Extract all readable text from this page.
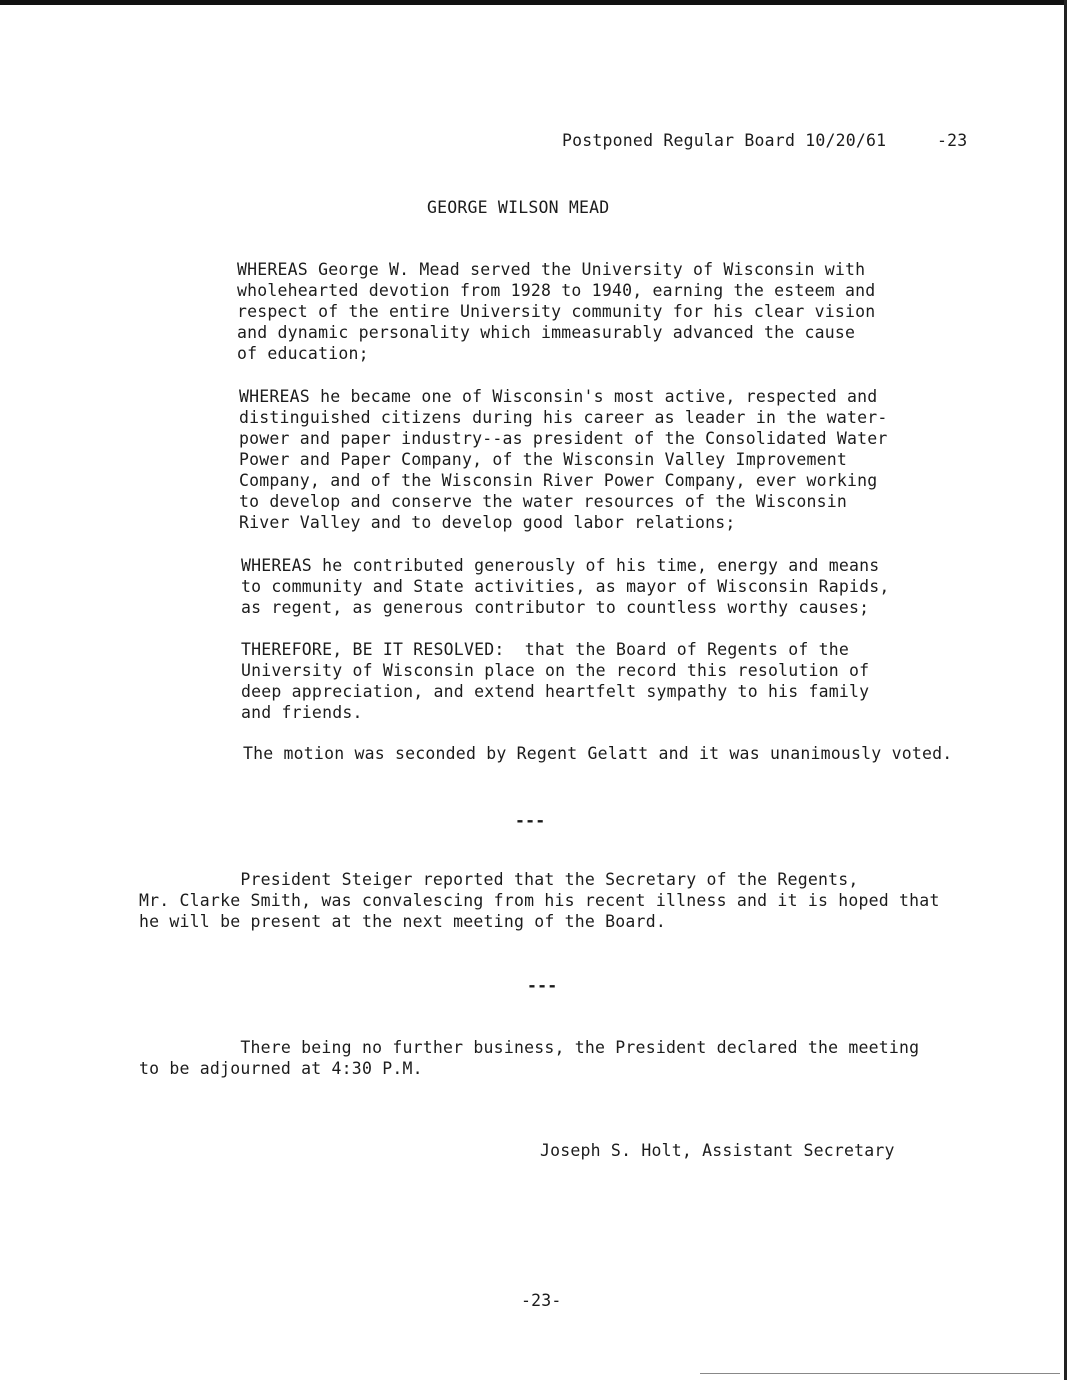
Postponed Regular Board 10/20/61     -23
GEORGE WILSON MEAD
WHEREAS George W. Mead served the University of Wisconsin with
wholehearted devotion from 1928 to 1940, earning the esteem and
respect of the entire University community for his clear vision
and dynamic personality which immeasurably advanced the cause
of education;
WHEREAS he became one of Wisconsin's most active, respected and
distinguished citizens during his career as leader in the water-
power and paper industry--as president of the Consolidated Water
Power and Paper Company, of the Wisconsin Valley Improvement
Company, and of the Wisconsin River Power Company, ever working
to develop and conserve the water resources of the Wisconsin
River Valley and to develop good labor relations;
WHEREAS he contributed generously of his time, energy and means
to community and State activities, as mayor of Wisconsin Rapids,
as regent, as generous contributor to countless worthy causes;
THEREFORE, BE IT RESOLVED:  that the Board of Regents of the
University of Wisconsin place on the record this resolution of
deep appreciation, and extend heartfelt sympathy to his family
and friends.
The motion was seconded by Regent Gelatt and it was unanimously voted.
---
President Steiger reported that the Secretary of the Regents,
Mr. Clarke Smith, was convalescing from his recent illness and it is hoped that
he will be present at the next meeting of the Board.
---
There being no further business, the President declared the meeting
to be adjourned at 4:30 P.M.
Joseph S. Holt, Assistant Secretary
-23-
